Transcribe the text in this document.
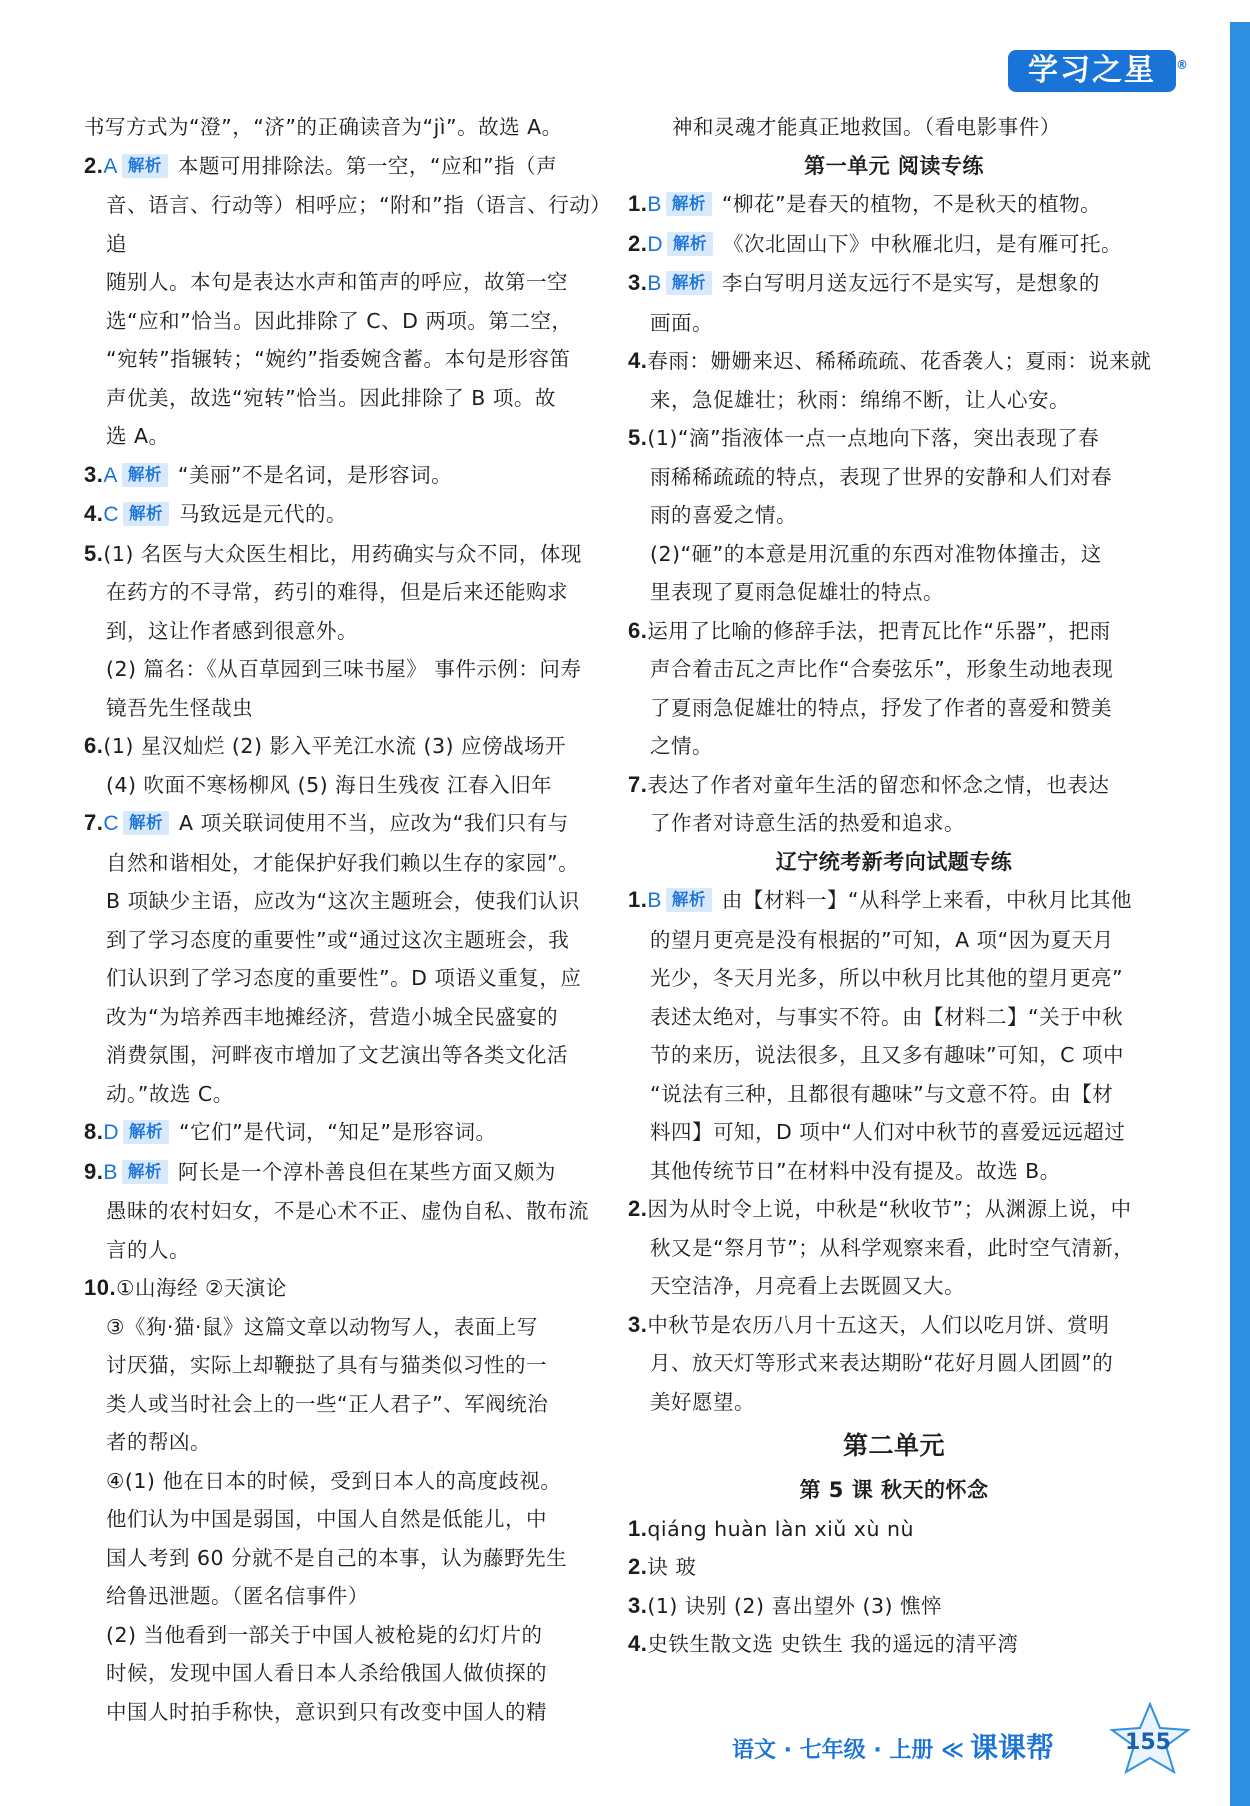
学习之星 ®
书写方式为“澄”，“济”的正确读音为“jì”。故选 A。
2.A 解析 本题可用排除法。第一空，“应和”指（声
音、语言、行动等）相呼应；“附和”指（语言、行动）追
随别人。本句是表达水声和笛声的呼应，故第一空
选“应和”恰当。因此排除了 C、D 两项。第二空，
“宛转”指辗转；“婉约”指委婉含蓄。本句是形容笛
声优美，故选“宛转”恰当。因此排除了 B 项。故
选 A。
3.A 解析 “美丽”不是名词，是形容词。
4.C 解析 马致远是元代的。
5.(1) 名医与大众医生相比，用药确实与众不同，体现
在药方的不寻常，药引的难得，但是后来还能购求
到，这让作者感到很意外。
(2) 篇名：《从百草园到三味书屋》 事件示例：问寿
镜吾先生怪哉虫
6.(1) 星汉灿烂 (2) 影入平羌江水流 (3) 应傍战场开
(4) 吹面不寒杨柳风 (5) 海日生残夜 江春入旧年
7.C 解析 A 项关联词使用不当，应改为“我们只有与
自然和谐相处，才能保护好我们赖以生存的家园”。
B 项缺少主语，应改为“这次主题班会，使我们认识
到了学习态度的重要性”或“通过这次主题班会，我
们认识到了学习态度的重要性”。D 项语义重复，应
改为“为培养西丰地摊经济，营造小城全民盛宴的
消费氛围，河畔夜市增加了文艺演出等各类文化活
动。”故选 C。
8.D 解析 “它们”是代词，“知足”是形容词。
9.B 解析 阿长是一个淳朴善良但在某些方面又颇为
愚昧的农村妇女，不是心术不正、虚伪自私、散布流
言的人。
10.①山海经 ②天演论
③《狗·猫·鼠》这篇文章以动物写人，表面上写
讨厌猫，实际上却鞭挞了具有与猫类似习性的一
类人或当时社会上的一些“正人君子”、军阀统治
者的帮凶。
④(1) 他在日本的时候，受到日本人的高度歧视。
他们认为中国是弱国，中国人自然是低能儿，中
国人考到 60 分就不是自己的本事，认为藤野先生
给鲁迅泄题。（匿名信事件）
(2) 当他看到一部关于中国人被枪毙的幻灯片的
时候，发现中国人看日本人杀给俄国人做侦探的
中国人时拍手称快，意识到只有改变中国人的精
神和灵魂才能真正地救国。（看电影事件）
第一单元 阅读专练
1.B 解析 “柳花”是春天的植物，不是秋天的植物。
2.D 解析 《次北固山下》中秋雁北归，是有雁可托。
3.B 解析 李白写明月送友远行不是实写，是想象的
画面。
4.春雨：姗姗来迟、稀稀疏疏、花香袭人；夏雨：说来就
来，急促雄壮；秋雨：绵绵不断，让人心安。
5.(1)“滴”指液体一点一点地向下落，突出表现了春
雨稀稀疏疏的特点，表现了世界的安静和人们对春
雨的喜爱之情。
(2)“砸”的本意是用沉重的东西对准物体撞击，这
里表现了夏雨急促雄壮的特点。
6.运用了比喻的修辞手法，把青瓦比作“乐器”，把雨
声合着击瓦之声比作“合奏弦乐”，形象生动地表现
了夏雨急促雄壮的特点，抒发了作者的喜爱和赞美
之情。
7.表达了作者对童年生活的留恋和怀念之情，也表达
了作者对诗意生活的热爱和追求。
辽宁统考新考向试题专练
1.B 解析 由【材料一】“从科学上来看，中秋月比其他
的望月更亮是没有根据的”可知，A 项“因为夏天月
光少，冬天月光多，所以中秋月比其他的望月更亮”
表述太绝对，与事实不符。由【材料二】“关于中秋
节的来历，说法很多，且又多有趣味”可知，C 项中
“说法有三种，且都很有趣味”与文意不符。由【材
料四】可知，D 项中“人们对中秋节的喜爱远远超过
其他传统节日”在材料中没有提及。故选 B。
2.因为从时令上说，中秋是“秋收节”；从渊源上说，中
秋又是“祭月节”；从科学观察来看，此时空气清新，
天空洁净，月亮看上去既圆又大。
3.中秋节是农历八月十五这天，人们以吃月饼、赏明
月、放天灯等形式来表达期盼“花好月圆人团圆”的
美好愿望。
第二单元
第 5 课 秋天的怀念
1.qiáng huàn làn xiǔ xù nù
2.诀 玻
3.(1) 诀别 (2) 喜出望外 (3) 憔悴
4.史铁生散文选 史铁生 我的遥远的清平湾
语文 · 七年级 · 上册 ≪ 课课帮	155
